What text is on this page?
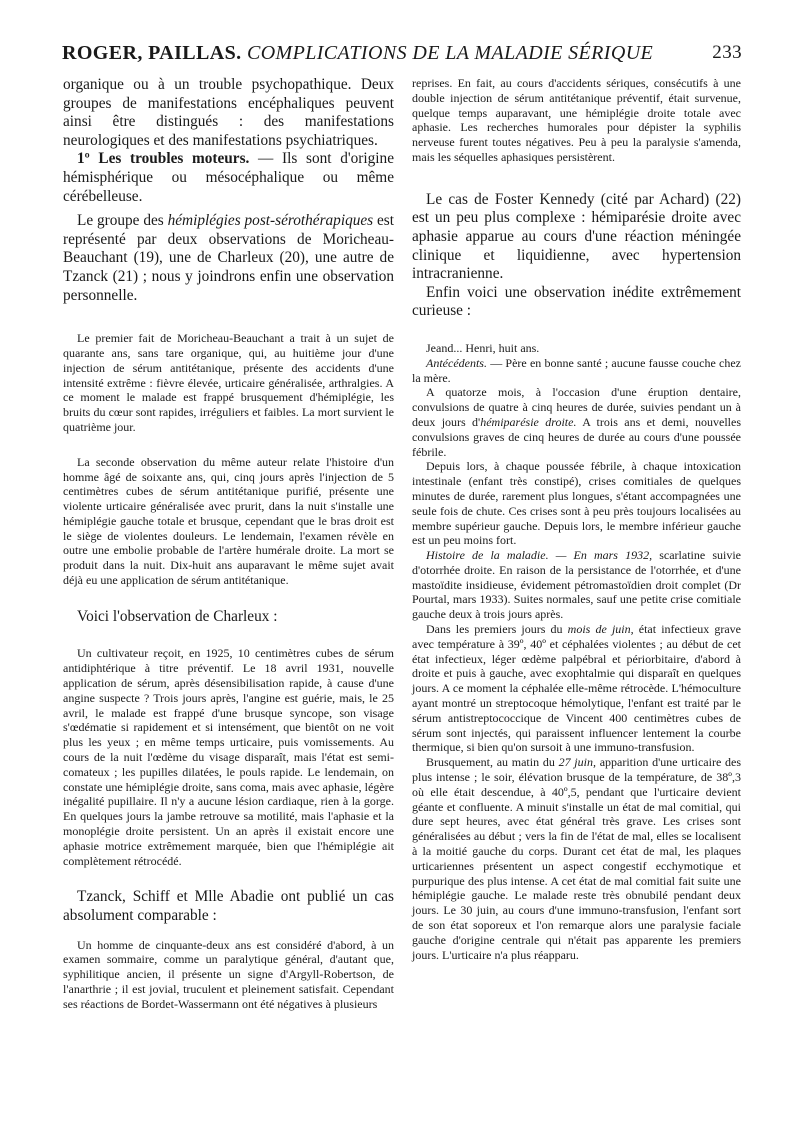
ROGER, PAILLAS. COMPLICATIONS DE LA MALADIE SÉRIQUE	233

organique ou à un trouble psychopathique. Deux groupes de manifestations encéphaliques peuvent ainsi être distingués : des manifestations neurologiques et des manifestations psychiatriques.

1º Les troubles moteurs. — Ils sont d'origine hémisphérique ou mésocéphalique ou même cérébelleuse.

Le groupe des hémiplégies post-sérothérapiques est représenté par deux observations de Moricheau-Beauchant (19), une de Charleux (20), une autre de Tzanck (21) ; nous y joindrons enfin une observation personnelle.

Le premier fait de Moricheau-Beauchant a trait à un sujet de quarante ans, sans tare organique, qui, au huitième jour d'une injection de sérum antitétanique, présente des accidents d'une intensité extrême : fièvre élevée, urticaire généralisée, arthralgies. A ce moment le malade est frappé brusquement d'hémiplégie, les bruits du cœur sont rapides, irréguliers et faibles. La mort survient le quatrième jour.

La seconde observation du même auteur relate l'histoire d'un homme âgé de soixante ans, qui, cinq jours après l'injection de 5 centimètres cubes de sérum antitétanique purifié, présente une violente urticaire généralisée avec prurit, dans la nuit s'installe une hémiplégie gauche totale et brusque, cependant que le bras droit est le siège de violentes douleurs. Le lendemain, l'examen révèle en outre une embolie probable de l'artère humérale droite. La mort se produit dans la nuit. Dix-huit ans auparavant le même sujet avait déjà eu une application de sérum antitétanique.

Voici l'observation de Charleux :

Un cultivateur reçoit, en 1925, 10 centimètres cubes de sérum antidiphtérique à titre préventif. Le 18 avril 1931, nouvelle application de sérum, après désensibilisation rapide, à cause d'une angine suspecte ? Trois jours après, l'angine est guérie, mais, le 25 avril, le malade est frappé d'une brusque syncope, son visage s'œdématie si rapidement et si intensément, que bientôt on ne voit plus les yeux ; en même temps urticaire, puis vomissements. Au cours de la nuit l'œdème du visage disparaît, mais l'état est semi-comateux ; les pupilles dilatées, le pouls rapide. Le lendemain, on constate une hémiplégie droite, sans coma, mais avec aphasie, légère inégalité pupillaire. Il n'y a aucune lésion cardiaque, rien à la gorge. En quelques jours la jambe retrouve sa motilité, mais l'aphasie et la monoplégie droite persistent. Un an après il existait encore une aphasie motrice extrêmement marquée, bien que l'hémiplégie ait complètement rétrocédé.

Tzanck, Schiff et Mlle Abadie ont publié un cas absolument comparable :

Un homme de cinquante-deux ans est considéré d'abord, à un examen sommaire, comme un paralytique général, d'autant que, syphilitique ancien, il présente un signe d'Argyll-Robertson, de l'anarthrie ; il est jovial, truculent et pleinement satisfait. Cependant ses réactions de Bordet-Wassermann ont été négatives à plusieurs

reprises. En fait, au cours d'accidents sériques, consécutifs à une double injection de sérum antitétanique préventif, était survenue, quelque temps auparavant, une hémiplégie droite totale avec aphasie. Les recherches humorales pour dépister la syphilis nerveuse furent toutes négatives. Peu à peu la paralysie s'amenda, mais les séquelles aphasiques persistèrent.

Le cas de Foster Kennedy (cité par Achard) (22) est un peu plus complexe : hémiparésie droite avec aphasie apparue au cours d'une réaction méningée clinique et liquidienne, avec hypertension intracranienne.

Enfin voici une observation inédite extrêmement curieuse :

Jeand... Henri, huit ans.

Antécédents. — Père en bonne santé ; aucune fausse couche chez la mère.

A quatorze mois, à l'occasion d'une éruption dentaire, convulsions de quatre à cinq heures de durée, suivies pendant un à deux jours d'hémiparésie droite. A trois ans et demi, nouvelles convulsions graves de cinq heures de durée au cours d'une poussée fébrile.

Depuis lors, à chaque poussée fébrile, à chaque intoxication intestinale (enfant très constipé), crises comitiales de quelques minutes de durée, rarement plus longues, s'étant accompagnées une seule fois de chute. Ces crises sont à peu près toujours localisées au membre supérieur gauche. Depuis lors, le membre inférieur gauche est un peu moins fort.

Histoire de la maladie. — En mars 1932, scarlatine suivie d'otorrhée droite. En raison de la persistance de l'otorrhée, et d'une mastoïdite insidieuse, évidement pétromastoïdien droit complet (Dr Pourtal, mars 1933). Suites normales, sauf une petite crise comitiale gauche deux à trois jours après.

Dans les premiers jours du mois de juin, état infectieux grave avec température à 39º, 40º et céphalées violentes ; au début de cet état infectieux, léger œdème palpébral et périorbitaire, d'abord à droite et puis à gauche, avec exophtalmie qui disparaît en quelques jours. A ce moment la céphalée elle-même rétrocède. L'hémoculture ayant montré un streptocoque hémolytique, l'enfant est traité par le sérum antistreptococcique de Vincent 400 centimètres cubes de sérum sont injectés, qui paraissent influencer lentement la courbe thermique, si bien qu'on sursoit à une immuno-transfusion.

Brusquement, au matin du 27 juin, apparition d'une urticaire des plus intense ; le soir, élévation brusque de la température, de 38º,3 où elle était descendue, à 40º,5, pendant que l'urticaire devient géante et confluente. A minuit s'installe un état de mal comitial, qui dure sept heures, avec état général très grave. Les crises sont généralisées au début ; vers la fin de l'état de mal, elles se localisent à la moitié gauche du corps. Durant cet état de mal, les plaques urticariennes présentent un aspect congestif ecchymotique et purpurique des plus intense. A cet état de mal comitial fait suite une hémiplégie gauche. Le malade reste très obnubilé pendant deux jours. Le 30 juin, au cours d'une immuno-transfusion, l'enfant sort de son état soporeux et l'on remarque alors une paralysie faciale gauche d'origine centrale qui n'était pas apparente les premiers jours. L'urticaire n'a plus réapparu.
